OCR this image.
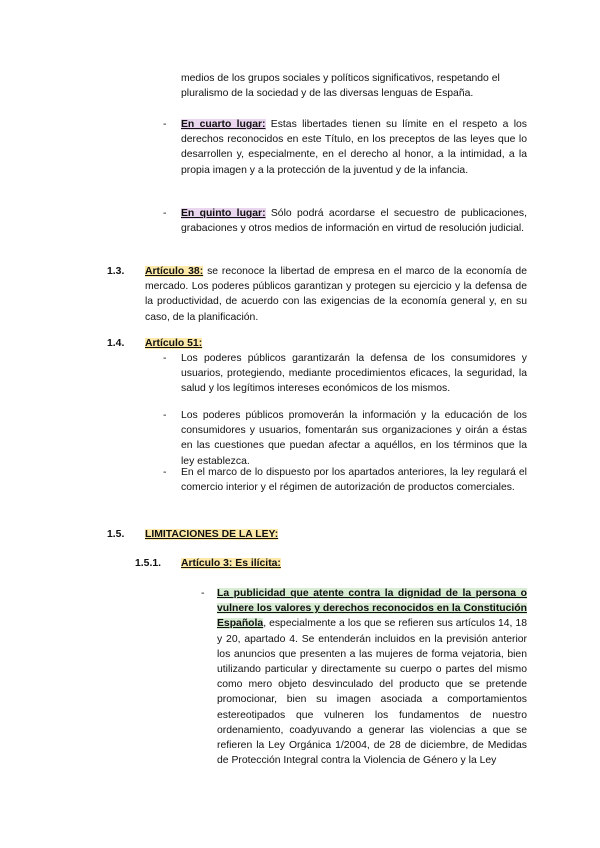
medios de los grupos sociales y políticos significativos, respetando el pluralismo de la sociedad y de las diversas lenguas de España.
- En cuarto lugar: Estas libertades tienen su límite en el respeto a los derechos reconocidos en este Título, en los preceptos de las leyes que lo desarrollen y, especialmente, en el derecho al honor, a la intimidad, a la propia imagen y a la protección de la juventud y de la infancia.
- En quinto lugar: Sólo podrá acordarse el secuestro de publicaciones, grabaciones y otros medios de información en virtud de resolución judicial.
1.3. Artículo 38: se reconoce la libertad de empresa en el marco de la economía de mercado. Los poderes públicos garantizan y protegen su ejercicio y la defensa de la productividad, de acuerdo con las exigencias de la economía general y, en su caso, de la planificación.
1.4. Artículo 51:
- Los poderes públicos garantizarán la defensa de los consumidores y usuarios, protegiendo, mediante procedimientos eficaces, la seguridad, la salud y los legítimos intereses económicos de los mismos.
- Los poderes públicos promoverán la información y la educación de los consumidores y usuarios, fomentarán sus organizaciones y oirán a éstas en las cuestiones que puedan afectar a aquéllos, en los términos que la ley establezca.
- En el marco de lo dispuesto por los apartados anteriores, la ley regulará el comercio interior y el régimen de autorización de productos comerciales.
1.5. LIMITACIONES DE LA LEY:
1.5.1. Artículo 3: Es ilícita:
- La publicidad que atente contra la dignidad de la persona o vulnere los valores y derechos reconocidos en la Constitución Española, especialmente a los que se refieren sus artículos 14, 18 y 20, apartado 4. Se entenderán incluidos en la previsión anterior los anuncios que presenten a las mujeres de forma vejatoria, bien utilizando particular y directamente su cuerpo o partes del mismo como mero objeto desvinculado del producto que se pretende promocionar, bien su imagen asociada a comportamientos estereotipados que vulneren los fundamentos de nuestro ordenamiento, coadyuvando a generar las violencias a que se refieren la Ley Orgánica 1/2004, de 28 de diciembre, de Medidas de Protección Integral contra la Violencia de Género y la Ley
